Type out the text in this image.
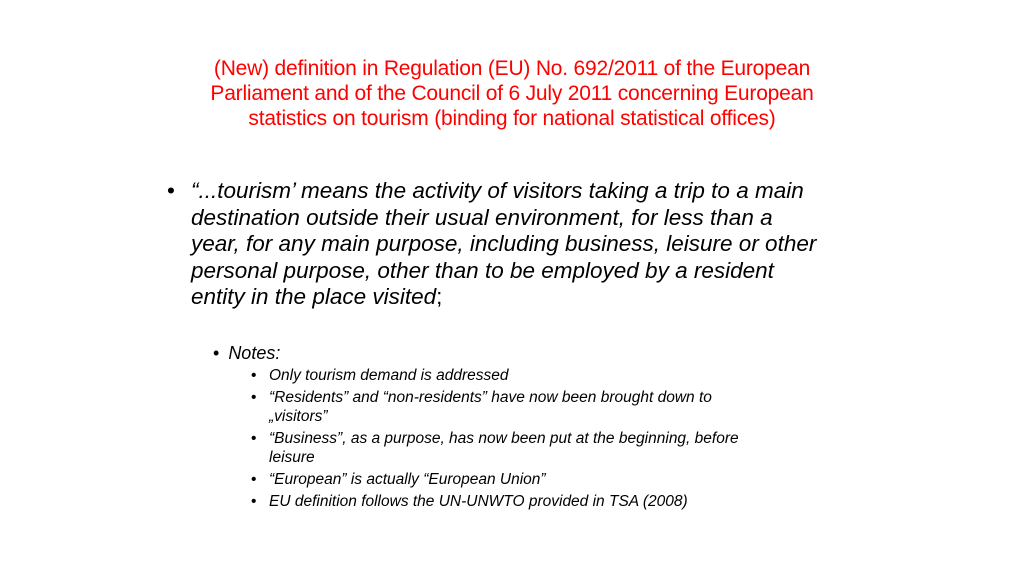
(New) definition in Regulation (EU) No. 692/2011 of the European
Parliament and of the Council of 6 July 2011 concerning European
statistics on tourism (binding for national statistical offices)
• “...tourism’ means the activity of visitors taking a trip to a main
destination outside their usual environment, for less than a
year, for any main purpose, including business, leisure or other
personal purpose, other than to be employed by a resident
entity in the place visited;
• Notes:
• Only tourism demand is addressed
• “Residents” and “non-residents” have now been brought down to
„visitors”
• “Business”, as a purpose, has now been put at the beginning, before
leisure
• “European” is actually “European Union”
• EU definition follows the UN-UNWTO provided in TSA (2008)
